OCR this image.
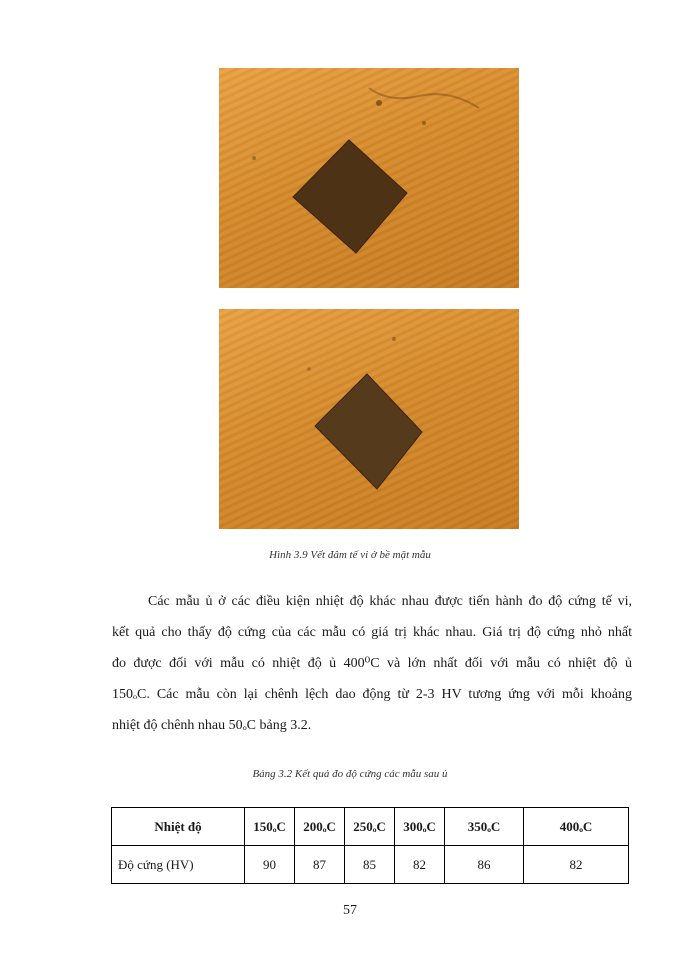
Hình 3.9 Vết đâm tế vi ở bề mặt mẫu
Các mẫu ủ ở các điều kiện nhiệt độ khác nhau được tiến hành đo độ cứng tế vi,
kết quả cho thấy độ cứng của các mẫu có giá trị khác nhau. Giá trị độ cứng nhỏ nhất
đo được đối với mẫu có nhiệt độ ủ 400⁰C và lớn nhất đối với mẫu có nhiệt độ ủ
150ₒC. Các mẫu còn lại chênh lệch dao động từ 2-3 HV tương ứng với mỗi khoảng
nhiệt độ chênh nhau 50ₒC bảng 3.2.
Bảng 3.2 Kết quả đo độ cứng các mẫu sau ủ
Nhiệt độ	150ₒC	200ₒC	250ₒC	300ₒC	350ₒC	400ₒC
Độ cứng (HV)	90	87	85	82	86	82
57
